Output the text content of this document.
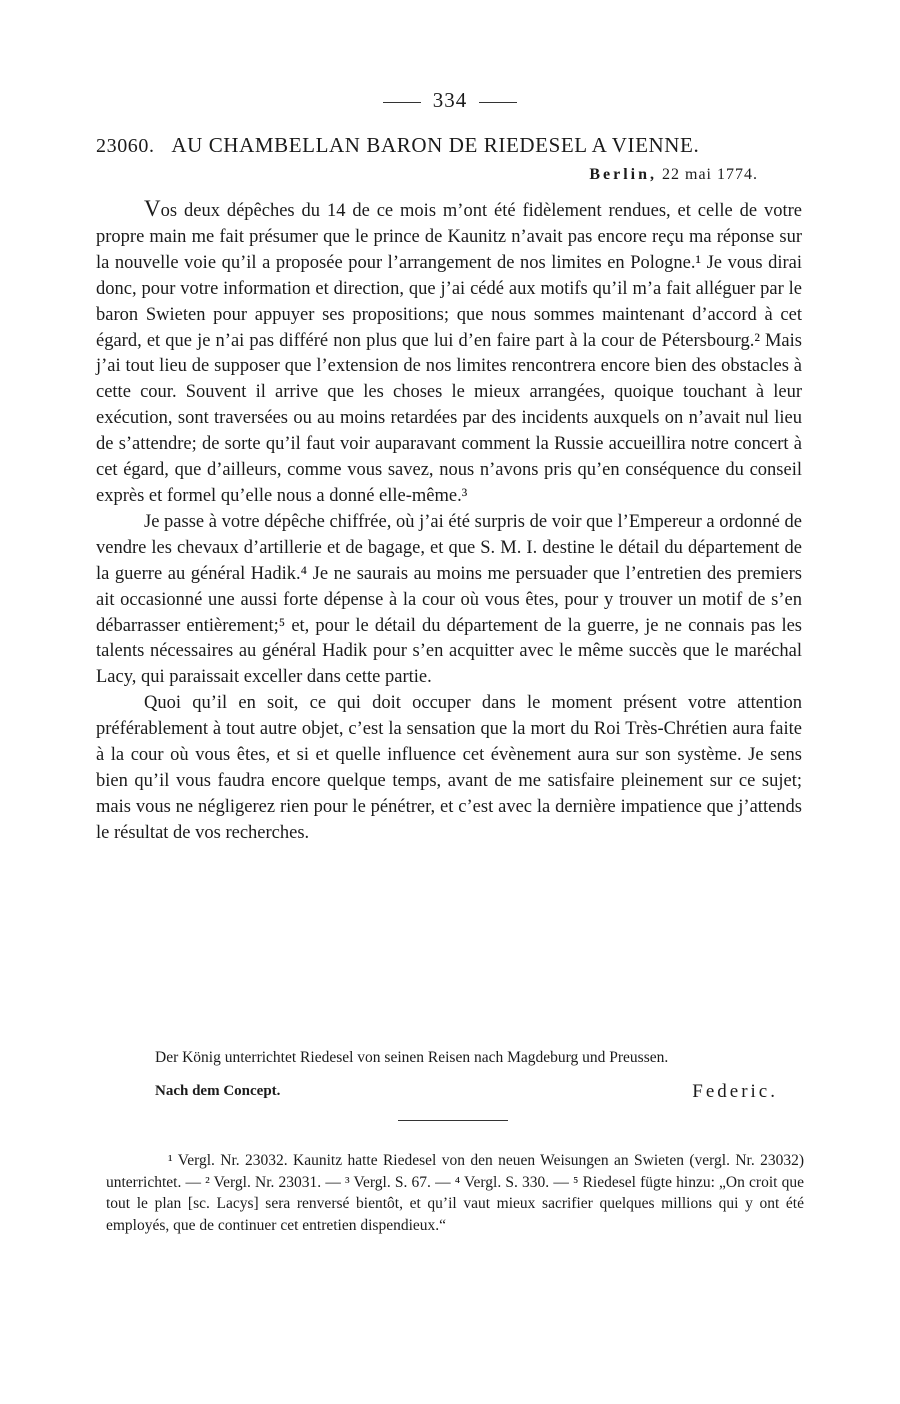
334
23060. AU CHAMBELLAN BARON DE RIEDESEL A VIENNE.
Berlin, 22 mai 1774.

Vos deux dépêches du 14 de ce mois m’ont été fidèlement rendues, et celle de votre propre main me fait présumer que le prince de Kaunitz n’avait pas encore reçu ma réponse sur la nouvelle voie qu’il a proposée pour l’arrangement de nos limites en Pologne.¹ Je vous dirai donc, pour votre information et direction, que j’ai cédé aux motifs qu’il m’a fait alléguer par le baron Swieten pour appuyer ses propositions; que nous sommes maintenant d’accord à cet égard, et que je n’ai pas différé non plus que lui d’en faire part à la cour de Pétersbourg.² Mais j’ai tout lieu de supposer que l’extension de nos limites rencontrera encore bien des obstacles à cette cour. Souvent il arrive que les choses le mieux arrangées, quoique touchant à leur exécution, sont traversées ou au moins retardées par des incidents auxquels on n’avait nul lieu de s’attendre; de sorte qu’il faut voir auparavant comment la Russie accueillira notre concert à cet égard, que d’ailleurs, comme vous savez, nous n’avons pris qu’en conséquence du conseil exprès et formel qu’elle nous a donné elle-même.³

Je passe à votre dépêche chiffrée, où j’ai été surpris de voir que l’Empereur a ordonné de vendre les chevaux d’artillerie et de bagage, et que S. M. I. destine le détail du département de la guerre au général Hadik.⁴ Je ne saurais au moins me persuader que l’entretien des premiers ait occasionné une aussi forte dépense à la cour où vous êtes, pour y trouver un motif de s’en débarrasser entièrement;⁵ et, pour le détail du département de la guerre, je ne connais pas les talents nécessaires au général Hadik pour s’en acquitter avec le même succès que le maréchal Lacy, qui paraissait exceller dans cette partie.

Quoi qu’il en soit, ce qui doit occuper dans le moment présent votre attention préférablement à tout autre objet, c’est la sensation que la mort du Roi Très-Chrétien aura faite à la cour où vous êtes, et si et quelle influence cet évènement aura sur son système. Je sens bien qu’il vous faudra encore quelque temps, avant de me satisfaire pleinement sur ce sujet; mais vous ne négligerez rien pour le pénétrer, et c’est avec la dernière impatience que j’attends le résultat de vos recherches.

Der König unterrichtet Riedesel von seinen Reisen nach Magdeburg und Preussen.
Nach dem Concept.	Federic.

¹ Vergl. Nr. 23032. Kaunitz hatte Riedesel von den neuen Weisungen an Swieten (vergl. Nr. 23032) unterrichtet. — ² Vergl. Nr. 23031. — ³ Vergl. S. 67. — ⁴ Vergl. S. 330. — ⁵ Riedesel fügte hinzu: „On croit que tout le plan [sc. Lacys] sera renversé bientôt, et qu’il vaut mieux sacrifier quelques millions qui y ont été employés, que de continuer cet entretien dispendieux.“
